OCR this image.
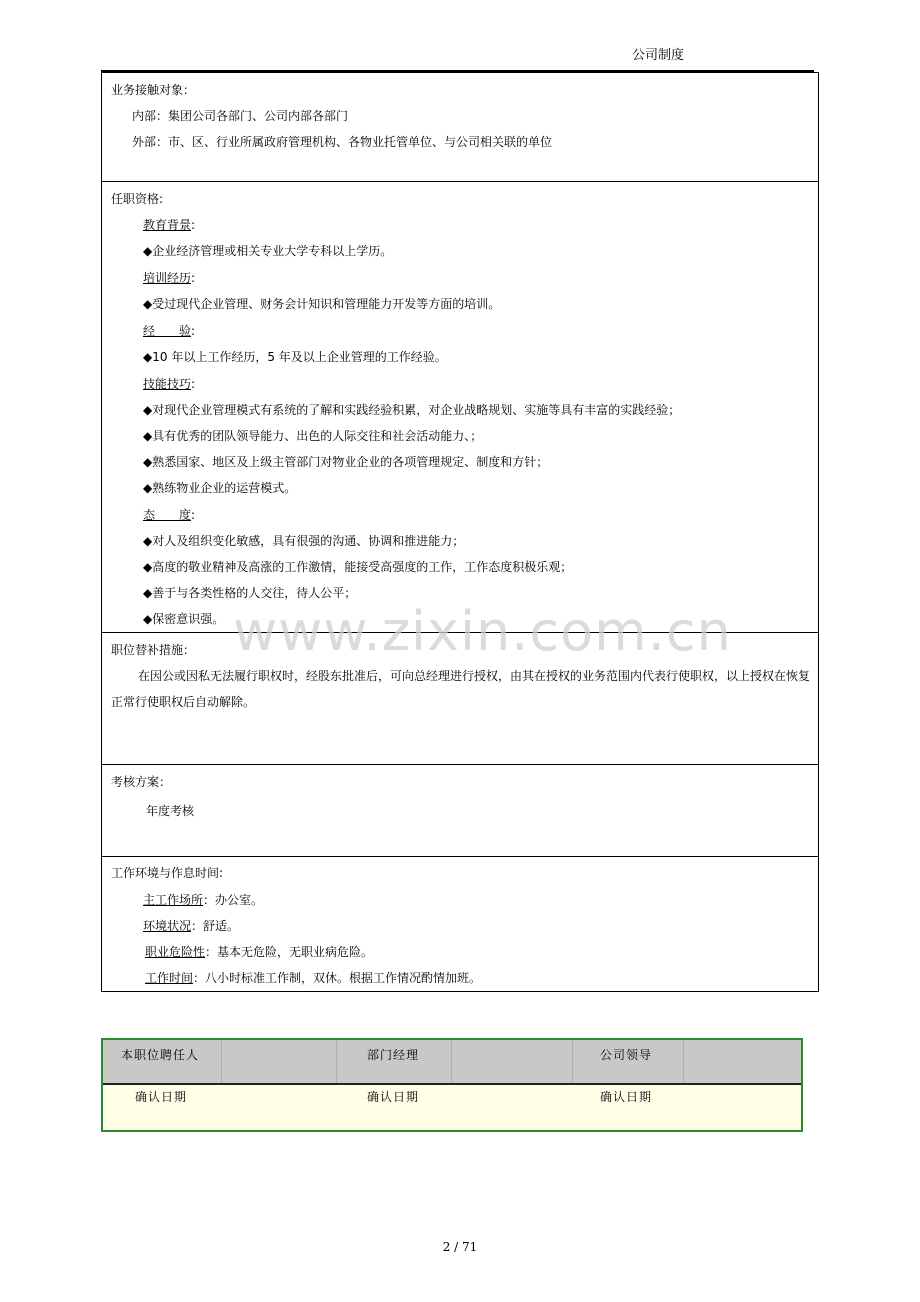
公司制度
业务接触对象：
内部：集团公司各部门、公司内部各部门
外部：市、区、行业所属政府管理机构、各物业托管单位、与公司相关联的单位
任职资格:
教育背景:
◆企业经济管理或相关专业大学专科以上学历。
培训经历:
◆受过现代企业管理、财务会计知识和管理能力开发等方面的培训。
经　　验:
◆10 年以上工作经历，5 年及以上企业管理的工作经验。
技能技巧:
◆对现代企业管理模式有系统的了解和实践经验积累，对企业战略规划、实施等具有丰富的实践经验；
◆具有优秀的团队领导能力、出色的人际交往和社会活动能力、；
◆熟悉国家、地区及上级主管部门对物业企业的各项管理规定、制度和方针；
◆熟练物业企业的运营模式。
态　　度:
◆对人及组织变化敏感，具有很强的沟通、协调和推进能力；
◆高度的敬业精神及高涨的工作激情，能接受高强度的工作，工作态度积极乐观；
◆善于与各类性格的人交往，待人公平；
◆保密意识强。
职位替补措施：
在因公或因私无法履行职权时，经股东批准后，可向总经理进行授权，由其在授权的业务范围内代表行使职权，以上授权在恢复正常行使职权后自动解除。
考核方案：
年度考核
工作环境与作息时间:
主工作场所：办公室。
环境状况：舒适。
职业危险性：基本无危险，无职业病危险。
工作时间：八小时标准工作制，双休。根据工作情况酌情加班。
www.zixin.com.cn
本职位聘任人	部门经理	公司领导
确认日期	确认日期	确认日期
2 / 71
